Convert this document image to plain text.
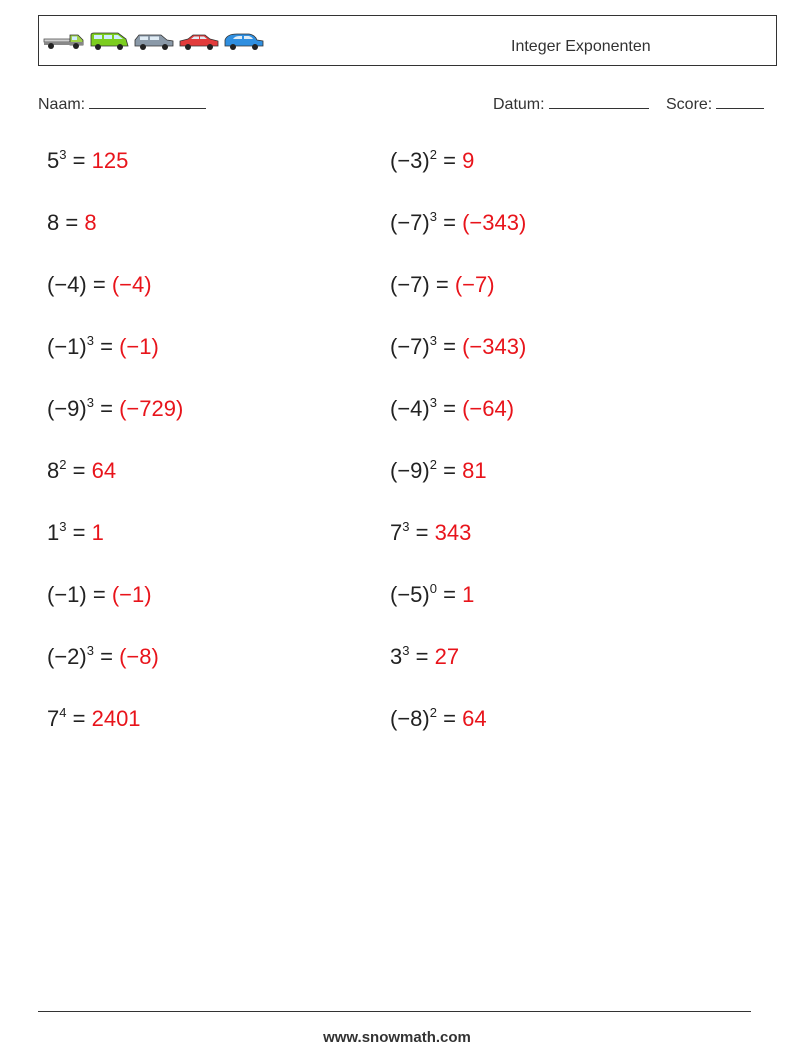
Integer Exponenten
Naam:	Datum:	Score:
$5^3 = 125$
8 = 8
(−4) = (−4)
$(-1)^3 = (-1)$
$(-9)^3 = (-729)$
$8^2 = 64$
$1^3 = 1$
(−1) = (−1)
$(-2)^3 = (-8)$
$7^4 = 2401$
$(-3)^2 = 9$
$(-7)^3 = (-343)$
(−7) = (−7)
$(-7)^3 = (-343)$
$(-4)^3 = (-64)$
$(-9)^2 = 81$
$7^3 = 343$
$(-5)^0 = 1$
$3^3 = 27$
$(-8)^2 = 64$
www.snowmath.com
